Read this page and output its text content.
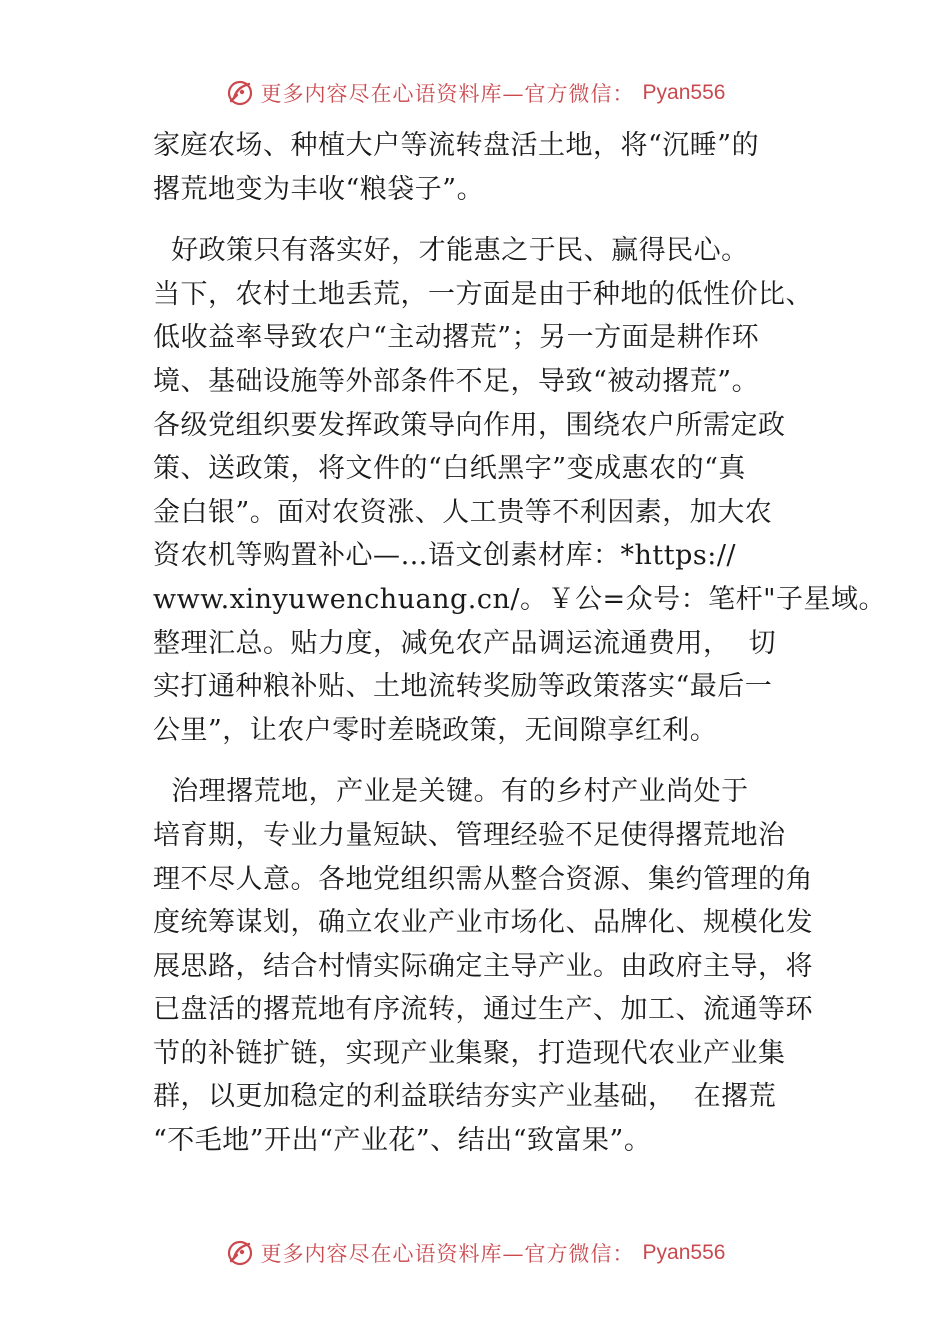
更多内容尽在心语资料库—官方微信： Pyan556
家庭农场、种植大户等流转盘活土地，将“沉睡”的
撂荒地变为丰收“粮袋子”。
好政策只有落实好，才能惠之于民、赢得民心。
当下，农村土地丢荒，一方面是由于种地的低性价比、
低收益率导致农户“主动撂荒”；另一方面是耕作环
境、基础设施等外部条件不足，导致“被动撂荒”。
各级党组织要发挥政策导向作用，围绕农户所需定政
策、送政策，将文件的“白纸黑字”变成惠农的“真
金白银”。面对农资涨、人工贵等不利因素，加大农
资农机等购置补心—…语文创素材库：*https://
www.xinyuwenchuang.cn/。￥公=众号：笔杆"子星域。
整理汇总。贴力度，减免农产品调运流通费用，  切
实打通种粮补贴、土地流转奖励等政策落实“最后一
公里”，让农户零时差晓政策，无间隙享红利。
治理撂荒地，产业是关键。有的乡村产业尚处于
培育期，专业力量短缺、管理经验不足使得撂荒地治
理不尽人意。各地党组织需从整合资源、集约管理的角
度统筹谋划，确立农业产业市场化、品牌化、规模化发
展思路，结合村情实际确定主导产业。由政府主导，将
已盘活的撂荒地有序流转，通过生产、加工、流通等环
节的补链扩链，实现产业集聚，打造现代农业产业集
群，以更加稳定的利益联结夯实产业基础，  在撂荒
“不毛地”开出“产业花”、结出“致富果”。
更多内容尽在心语资料库—官方微信： Pyan556
